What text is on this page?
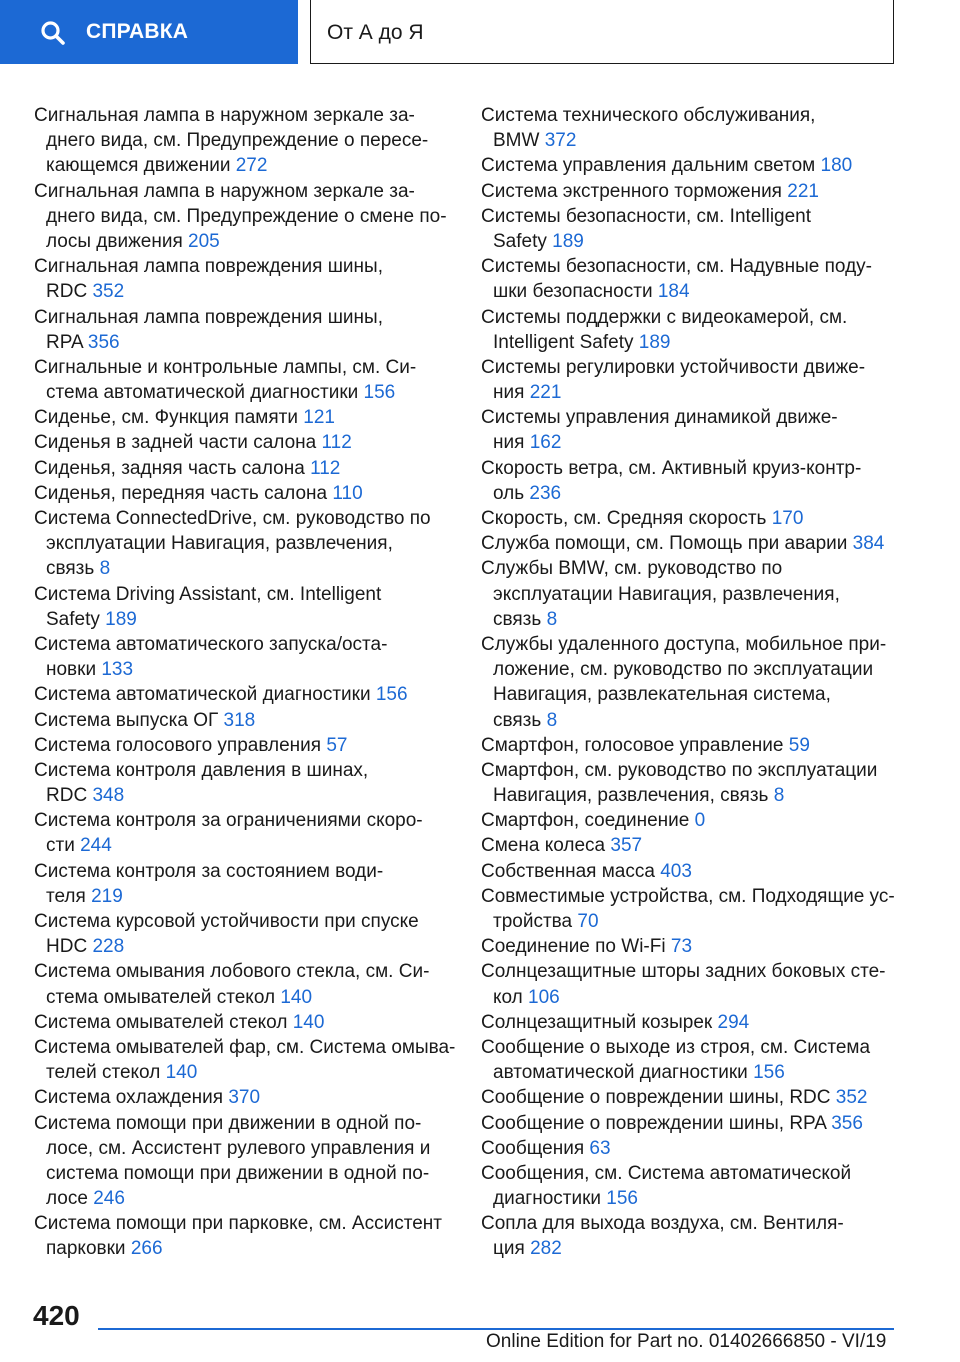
СПРАВКА	От А до Я
Сигнальная лампа в наружном зеркале за-
днего вида, см. Предупреждение о пересе-
кающемся движении 272
Сигнальная лампа в наружном зеркале за-
днего вида, см. Предупреждение о смене по-
лосы движения 205
Сигнальная лампа повреждения шины,
RDC 352
Сигнальная лампа повреждения шины,
RPA 356
Сигнальные и контрольные лампы, см. Си-
стема автоматической диагностики 156
Сиденье, см. Функция памяти 121
Сиденья в задней части салона 112
Сиденья, задняя часть салона 112
Сиденья, передняя часть салона 110
Система ConnectedDrive, см. руководство по
эксплуатации Навигация, развлечения,
связь 8
Система Driving Assistant, см. Intelligent
Safety 189
Система автоматического запуска/оста-
новки 133
Система автоматической диагностики 156
Система выпуска ОГ 318
Система голосового управления 57
Система контроля давления в шинах,
RDC 348
Система контроля за ограничениями скоро-
сти 244
Система контроля за состоянием води-
теля 219
Система курсовой устойчивости при спуске
HDC 228
Система омывания лобового стекла, см. Си-
стема омывателей стекол 140
Система омывателей стекол 140
Система омывателей фар, см. Система омыва-
телей стекол 140
Система охлаждения 370
Система помощи при движении в одной по-
лосе, см. Ассистент рулевого управления и
система помощи при движении в одной по-
лосе 246
Система помощи при парковке, см. Ассистент
парковки 266
Система технического обслуживания,
BMW 372
Система управления дальним светом 180
Система экстренного торможения 221
Системы безопасности, см. Intelligent
Safety 189
Системы безопасности, см. Надувные поду-
шки безопасности 184
Системы поддержки с видеокамерой, см.
Intelligent Safety 189
Системы регулировки устойчивости движе-
ния 221
Системы управления динамикой движе-
ния 162
Скорость ветра, см. Активный круиз-контр-
оль 236
Скорость, см. Средняя скорость 170
Служба помощи, см. Помощь при аварии 384
Службы BMW, см. руководство по
эксплуатации Навигация, развлечения,
связь 8
Службы удаленного доступа, мобильное при-
ложение, см. руководство по эксплуатации
Навигация, развлекательная система,
связь 8
Смартфон, голосовое управление 59
Смартфон, см. руководство по эксплуатации
Навигация, развлечения, связь 8
Смартфон, соединение 0
Смена колеса 357
Собственная масса 403
Совместимые устройства, см. Подходящие ус-
тройства 70
Соединение по Wi-Fi 73
Солнцезащитные шторы задних боковых сте-
кол 106
Солнцезащитный козырек 294
Сообщение о выходе из строя, см. Система
автоматической диагностики 156
Сообщение о повреждении шины, RDC 352
Сообщение о повреждении шины, RPA 356
Сообщения 63
Сообщения, см. Система автоматической
диагностики 156
Сопла для выхода воздуха, см. Вентиля-
ция 282
420
Online Edition for Part no. 01402666850 - VI/19
